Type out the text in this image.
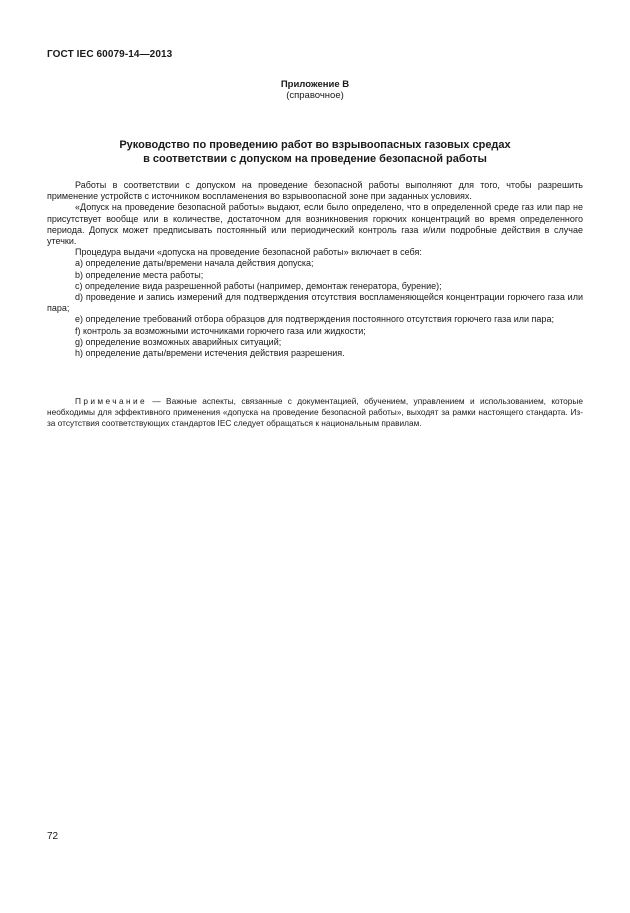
ГОСТ IEC 60079-14—2013
Приложение В
(справочное)
Руководство по проведению работ во взрывоопасных газовых средах
в соответствии с допуском на проведение безопасной работы

Работы в соответствии с допуском на проведение безопасной работы выполняют для того, чтобы разрешить применение устройств с источником воспламенения во взрывоопасной зоне при заданных условиях.

«Допуск на проведение безопасной работы» выдают, если было определено, что в определенной среде газ или пар не присутствует вообще или в количестве, достаточном для возникновения горючих концентраций во время определенного периода. Допуск может предписывать постоянный или периодический контроль газа и/или подробные действия в случае утечки.

Процедура выдачи «допуска на проведение безопасной работы» включает в себя:

a) определение даты/времени начала действия допуска;

b) определение места работы;

c) определение вида разрешенной работы (например, демонтаж генератора, бурение);

d) проведение и запись измерений для подтверждения отсутствия воспламеняющейся концентрации горючего газа или пара;

e) определение требований отбора образцов для подтверждения постоянного отсутствия горючего газа или пара;

f) контроль за возможными источниками горючего газа или жидкости;

g) определение возможных аварийных ситуаций;

h) определение даты/времени истечения действия разрешения.

Примечание — Важные аспекты, связанные с документацией, обучением, управлением и использованием, которые необходимы для эффективного применения «допуска на проведение безопасной работы», выходят за рамки настоящего стандарта. Из-за отсутствия соответствующих стандартов IEC следует обращаться к национальным правилам.

72
